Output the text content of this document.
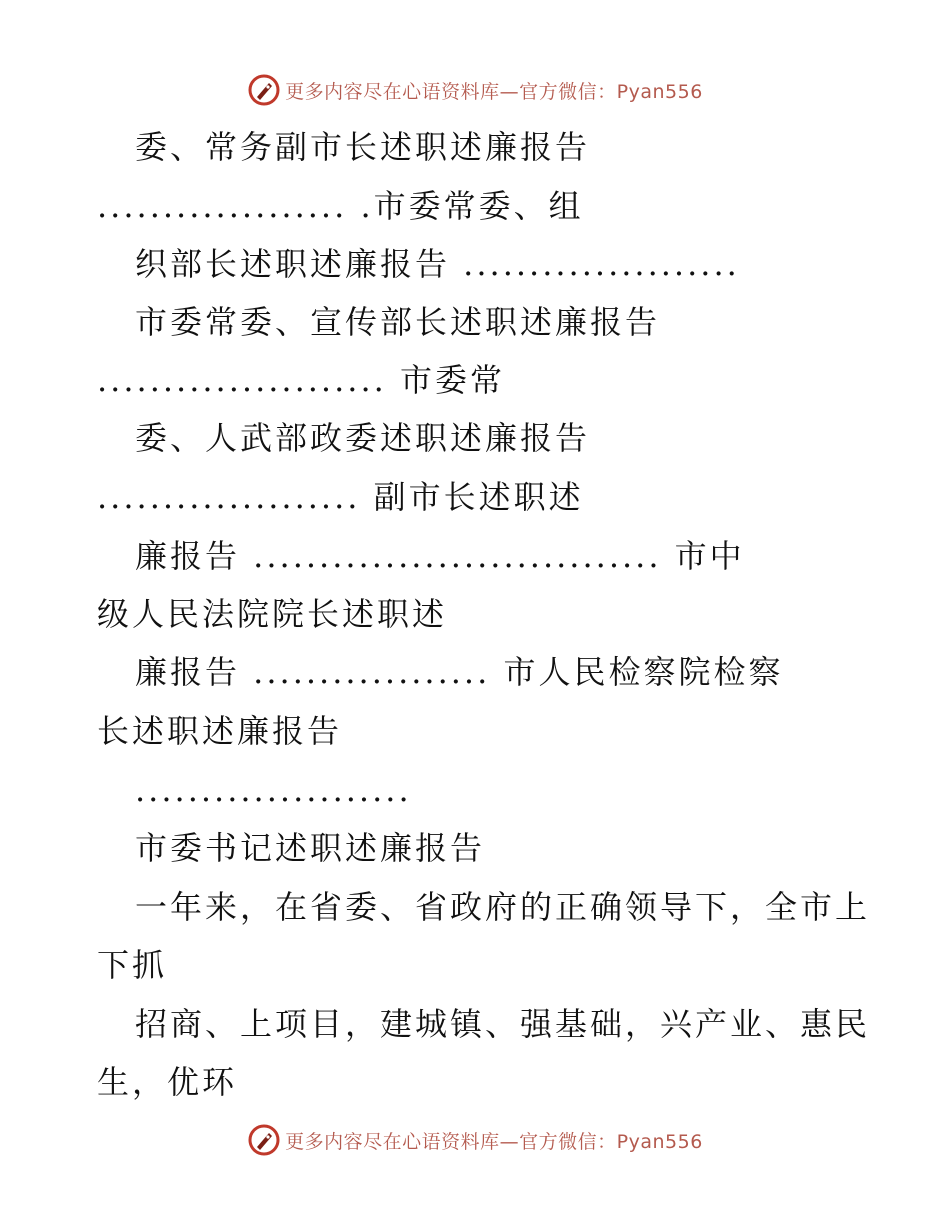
更多内容尽在心语资料库—官方微信：Pyan556
委、常务副市长述职述廉报告
................... .市委常委、组
织部长述职述廉报告 .....................
市委常委、宣传部长述职述廉报告
...................... 市委常
委、人武部政委述职述廉报告
.................... 副市长述职述
廉报告 ............................... 市中
级人民法院院长述职述
廉报告 .................. 市人民检察院检察
长述职述廉报告
.....................
市委书记述职述廉报告
一年来，在省委、省政府的正确领导下，全市上
下抓
招商、上项目，建城镇、强基础，兴产业、惠民
生，优环
更多内容尽在心语资料库—官方微信：Pyan556
